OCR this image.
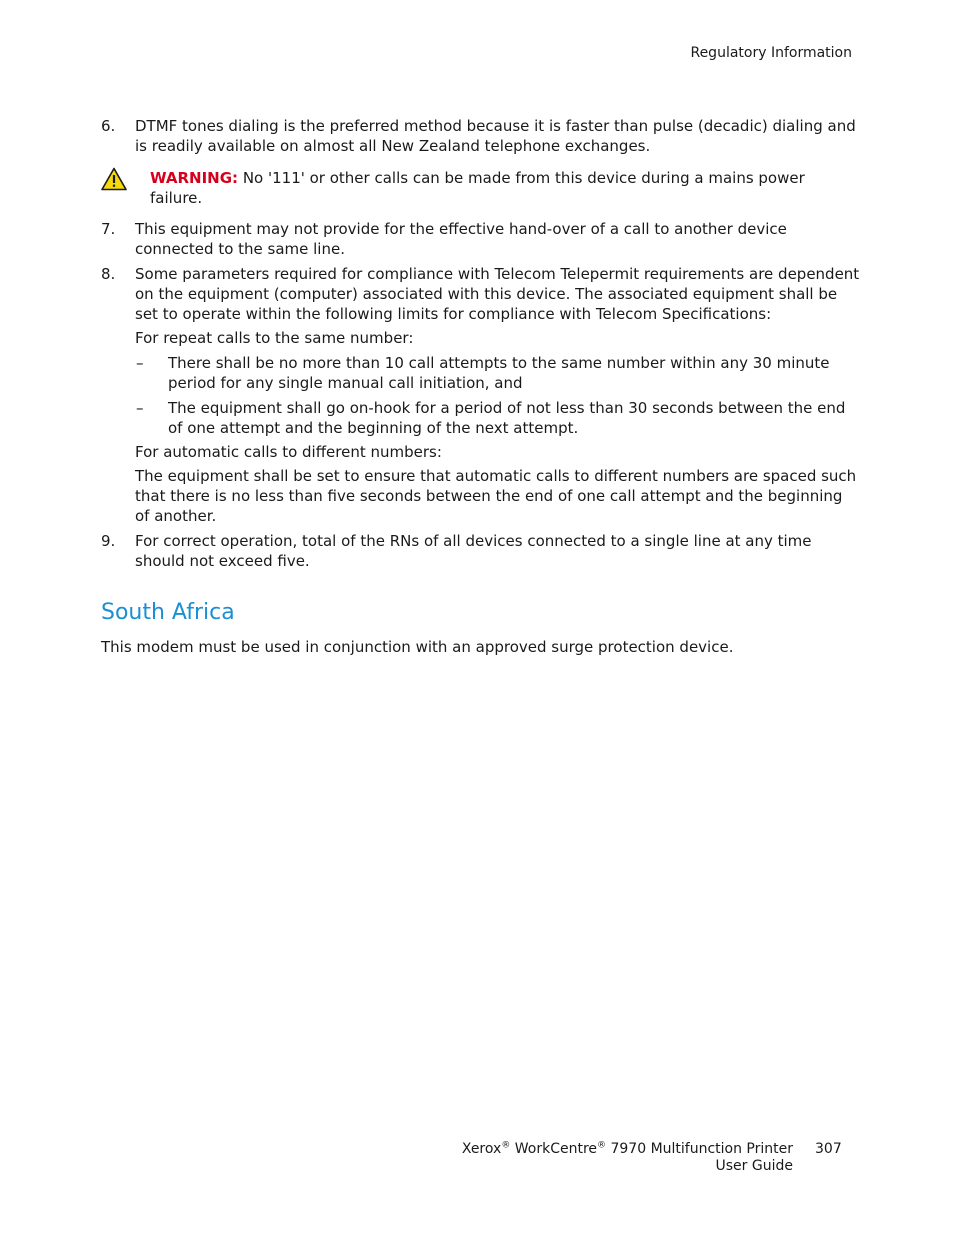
Regulatory Information
6. DTMF tones dialing is the preferred method because it is faster than pulse (decadic) dialing and is readily available on almost all New Zealand telephone exchanges.
WARNING: No '111' or other calls can be made from this device during a mains power failure.
7. This equipment may not provide for the effective hand-over of a call to another device connected to the same line.
8. Some parameters required for compliance with Telecom Telepermit requirements are dependent on the equipment (computer) associated with this device. The associated equipment shall be set to operate within the following limits for compliance with Telecom Specifications:
For repeat calls to the same number:
– There shall be no more than 10 call attempts to the same number within any 30 minute period for any single manual call initiation, and
– The equipment shall go on-hook for a period of not less than 30 seconds between the end of one attempt and the beginning of the next attempt.
For automatic calls to different numbers:
The equipment shall be set to ensure that automatic calls to different numbers are spaced such that there is no less than five seconds between the end of one call attempt and the beginning of another.
9. For correct operation, total of the RNs of all devices connected to a single line at any time should not exceed five.
South Africa
This modem must be used in conjunction with an approved surge protection device.
Xerox® WorkCentre® 7970 Multifunction Printer
User Guide
307
